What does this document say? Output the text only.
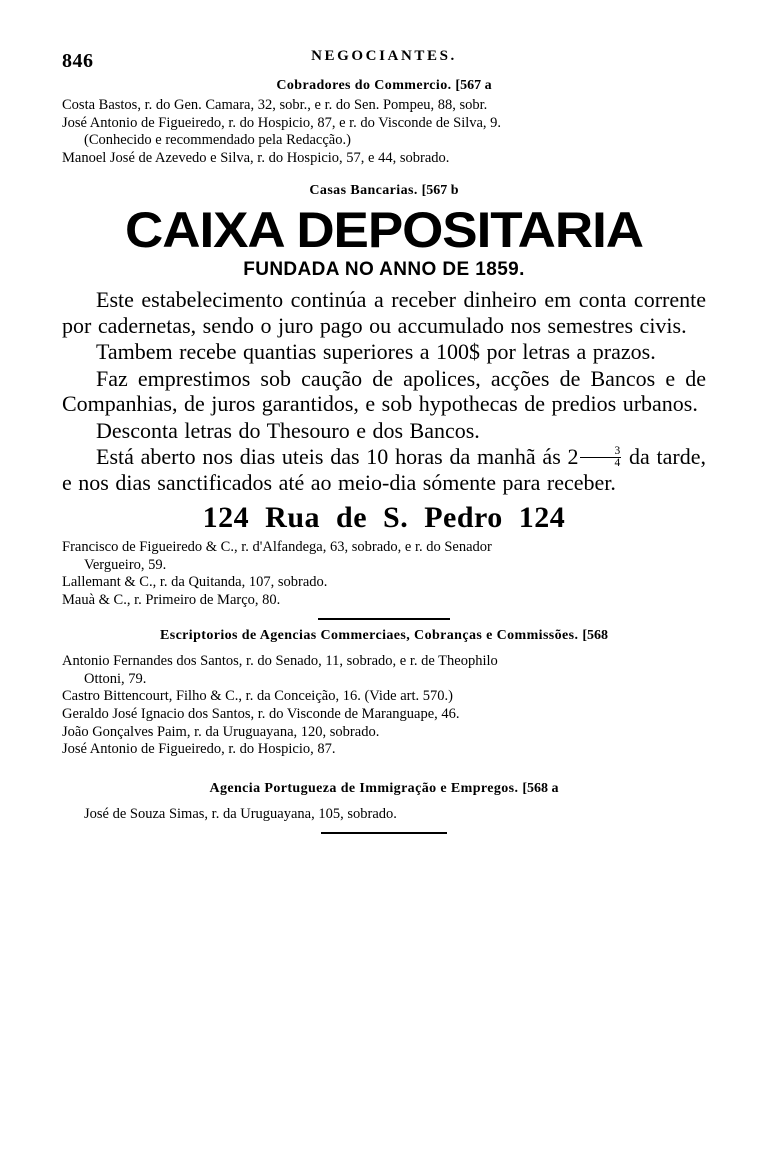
846	NEGOCIANTES.
Cobradores do Commercio. [567 a

Costa Bastos, r. do Gen. Camara, 32, sobr., e r. do Sen. Pompeu, 88, sobr.

José Antonio de Figueiredo, r. do Hospicio, 87, e r. do Visconde de Silva, 9.
(Conhecido e recommendado pela Redacção.)

Manoel José de Azevedo e Silva, r. do Hospicio, 57, e 44, sobrado.

Casas Bancarias. [567 b
CAIXA DEPOSITARIA
FUNDADA NO ANNO DE 1859.

Este estabelecimento continúa a receber dinheiro em conta corrente por cadernetas, sendo o juro pago ou accumulado nos semestres civis.

Tambem recebe quantias superiores a 100$ por letras a prazos.

Faz emprestimos sob caução de apolices, acções de Bancos e de Companhias, de juros garantidos, e sob hypothecas de predios urbanos.

Desconta letras do Thesouro e dos Bancos.

Está aberto nos dias uteis das 10 horas da manhã ás $2 \frac{3}{4}$ da tarde, e nos dias sanctificados até ao meio-dia sómente para receber.

124 Rua de S. Pedro 124

Francisco de Figueiredo & C., r. d'Alfandega, 63, sobrado, e r. do Senador
Vergueiro, 59.

Lallemant & C., r. da Quitanda, 107, sobrado.

Mauà & C., r. Primeiro de Março, 80.

Escriptorios de Agencias Commerciaes, Cobranças e Commissões. [568

Antonio Fernandes dos Santos, r. do Senado, 11, sobrado, e r. de Theophilo
Ottoni, 79.

Castro Bittencourt, Filho & C., r. da Conceição, 16. (Vide art. 570.)

Geraldo José Ignacio dos Santos, r. do Visconde de Maranguape, 46.

João Gonçalves Paim, r. da Uruguayana, 120, sobrado.

José Antonio de Figueiredo, r. do Hospicio, 87.

Agencia Portugueza de Immigração e Empregos. [568 a

José de Souza Simas, r. da Uruguayana, 105, sobrado.
